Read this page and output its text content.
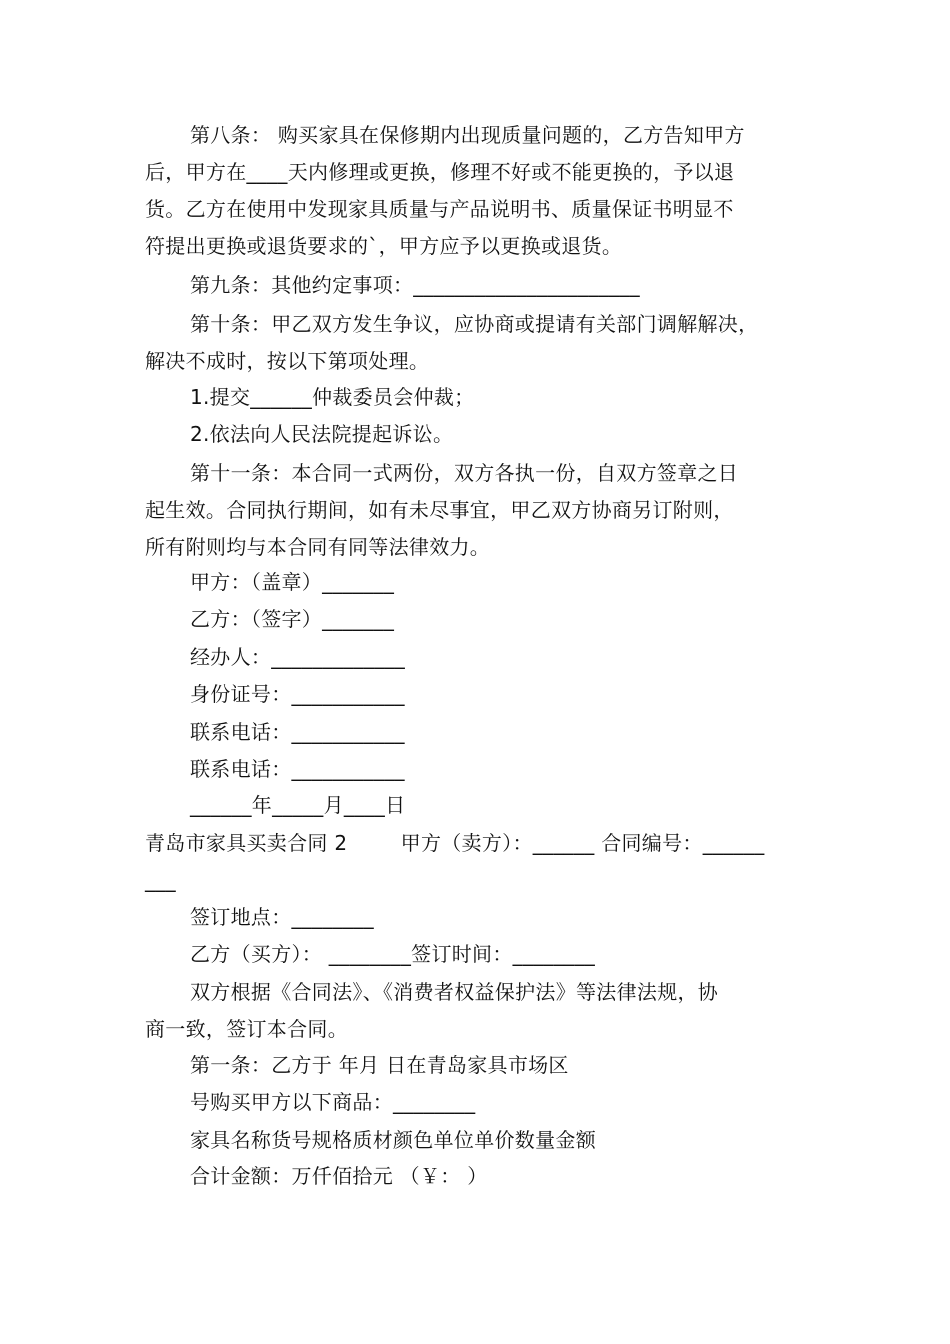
第八条： 购买家具在保修期内出现质量问题的，乙方告知甲方
后，甲方在____天内修理或更换，修理不好或不能更换的，予以退
货。乙方在使用中发现家具质量与产品说明书、质量保证书明显不
符提出更换或退货要求的`，甲方应予以更换或退货。
第九条：其他约定事项：______________________
第十条：甲乙双方发生争议，应协商或提请有关部门调解解决，
解决不成时，按以下第项处理。
1.提交______仲裁委员会仲裁；
2.依法向人民法院提起诉讼。
第十一条：本合同一式两份，双方各执一份，自双方签章之日
起生效。合同执行期间，如有未尽事宜，甲乙双方协商另订附则，
所有附则均与本合同有同等法律效力。
甲方：（盖章）_______
乙方：（签字）_______
经办人：_____________
身份证号：___________
联系电话：___________
联系电话：___________
______年_____月____日
青岛市家具买卖合同 2        甲方（卖方）：______ 合同编号：______
___
签订地点：________
乙方（买方）： ________签订时间：________
双方根据《合同法》、《消费者权益保护法》等法律法规，协
商一致，签订本合同。
第一条：乙方于 年月 日在青岛家具市场区
号购买甲方以下商品：________
家具名称货号规格质材颜色单位单价数量金额
合计金额：万仟佰拾元 （￥： ）
